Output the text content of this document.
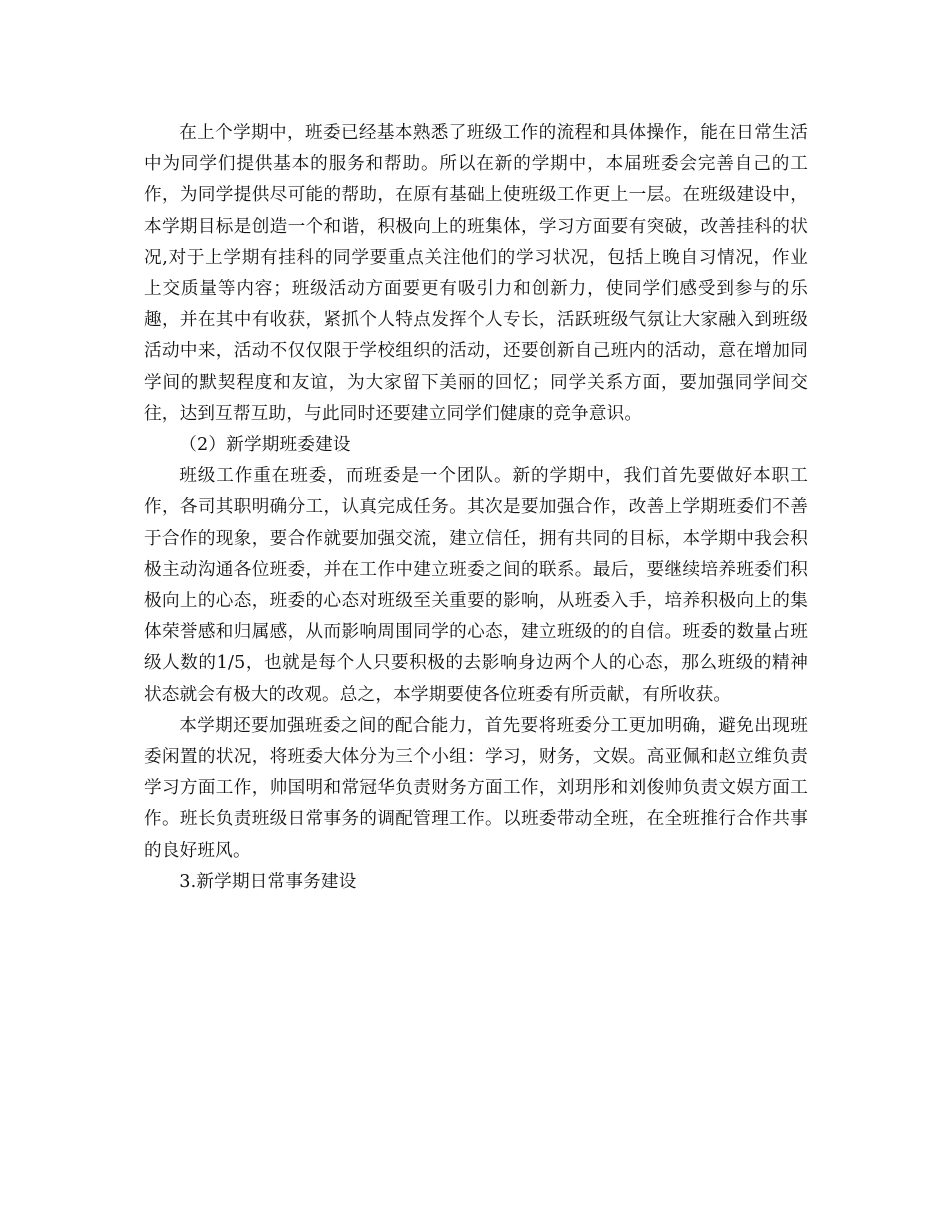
在上个学期中，班委已经基本熟悉了班级工作的流程和具体操作，能在日常生活中为同学们提供基本的服务和帮助。所以在新的学期中，本届班委会完善自己的工作，为同学提供尽可能的帮助，在原有基础上使班级工作更上一层。在班级建设中，本学期目标是创造一个和谐，积极向上的班集体，学习方面要有突破，改善挂科的状况,对于上学期有挂科的同学要重点关注他们的学习状况，包括上晚自习情况，作业上交质量等内容；班级活动方面要更有吸引力和创新力，使同学们感受到参与的乐趣，并在其中有收获，紧抓个人特点发挥个人专长，活跃班级气氛让大家融入到班级活动中来，活动不仅仅限于学校组织的活动，还要创新自己班内的活动，意在增加同学间的默契程度和友谊，为大家留下美丽的回忆；同学关系方面，要加强同学间交往，达到互帮互助，与此同时还要建立同学们健康的竞争意识。

（2）新学期班委建设

班级工作重在班委，而班委是一个团队。新的学期中，我们首先要做好本职工作，各司其职明确分工，认真完成任务。其次是要加强合作，改善上学期班委们不善于合作的现象，要合作就要加强交流，建立信任，拥有共同的目标，本学期中我会积极主动沟通各位班委，并在工作中建立班委之间的联系。最后，要继续培养班委们积极向上的心态，班委的心态对班级至关重要的影响，从班委入手，培养积极向上的集体荣誉感和归属感，从而影响周围同学的心态，建立班级的的自信。班委的数量占班级人数的1/5，也就是每个人只要积极的去影响身边两个人的心态，那么班级的精神状态就会有极大的改观。总之，本学期要使各位班委有所贡献，有所收获。

本学期还要加强班委之间的配合能力，首先要将班委分工更加明确，避免出现班委闲置的状况，将班委大体分为三个小组：学习，财务，文娱。高亚佩和赵立维负责学习方面工作，帅国明和常冠华负责财务方面工作，刘玥彤和刘俊帅负责文娱方面工作。班长负责班级日常事务的调配管理工作。以班委带动全班，在全班推行合作共事的良好班风。

3.新学期日常事务建设
